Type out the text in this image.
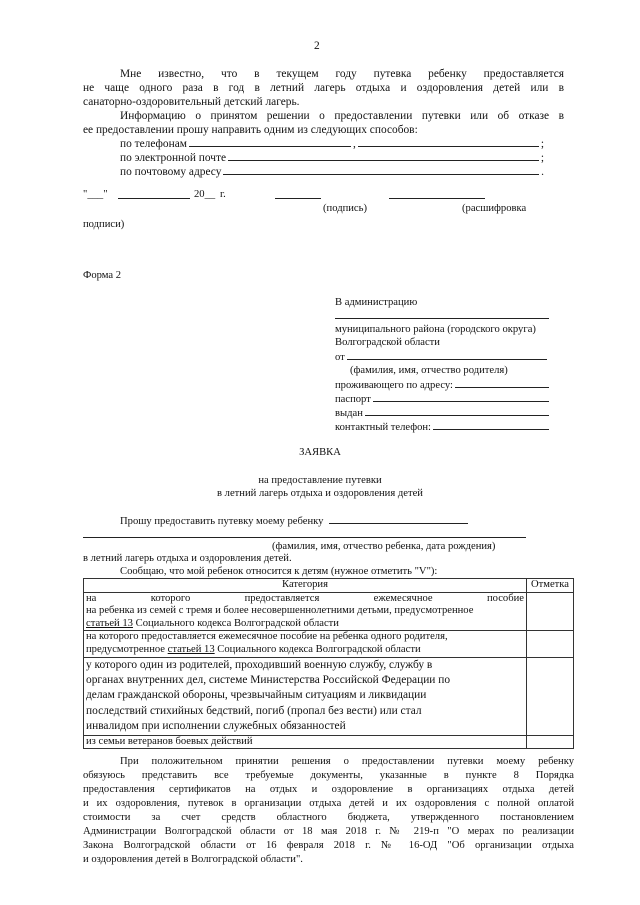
2
Мне известно, что в текущем году путевка ребенку предоставляется
не чаще одного раза в год в летний лагерь отдыха и оздоровления детей или в
санаторно-оздоровительный детский лагерь.
Информацию о принятом решении о предоставлении путевки или об отказе в
ее предоставлении прошу направить одним из следующих способов:
по телефонам	,	;
по электронной почте	;
по почтовому адресу	.
"___"	20__ г.
(подпись)	(расшифровка
подписи)
Форма 2
В администрацию
муниципального района (городского округа)
Волгоградской области
от
(фамилия, имя, отчество родителя)
проживающего по адресу:
паспорт
выдан
контактный телефон:
ЗАЯВКА
на предоставление путевки
в летний лагерь отдыха и оздоровления детей
Прошу предоставить путевку моему ребенку
(фамилия, имя, отчество ребенка, дата рождения)
в летний лагерь отдыха и оздоровления детей.
Сообщаю, что мой ребенок относится к детям (нужное отметить "V"):
Категория	Отметка

на которого предоставляется ежемесячное пособие
на ребенка из семей с тремя и более несовершеннолетними детьми, предусмотренное
статьей 13 Социального кодекса Волгоградской области	

на которого предоставляется ежемесячное пособие на ребенка одного родителя,
предусмотренное статьей 13 Социального кодекса Волгоградской области	

у которого один из родителей, проходивший военную службу, службу в
органах внутренних дел, системе Министерства Российской Федерации по
делам гражданской обороны, чрезвычайным ситуациям и ликвидации
последствий стихийных бедствий, погиб (пропал без вести) или стал
инвалидом при исполнении служебных обязанностей	

из семьи ветеранов боевых действий	

При положительном принятии решения о предоставлении путевки моему ребенку
обязуюсь представить все требуемые документы, указанные в пункте 8 Порядка
предоставления сертификатов на отдых и оздоровление в организациях отдыха детей
и их оздоровления, путевок в организации отдыха детей и их оздоровления с полной оплатой
стоимости за счет средств областного бюджета, утвержденного постановлением
Администрации Волгоградской области от 18 мая 2018 г. № 219-п "О мерах по реализации
Закона Волгоградской области от 16 февраля 2018 г. № 16-ОД "Об организации отдыха
и оздоровления детей в Волгоградской области".
